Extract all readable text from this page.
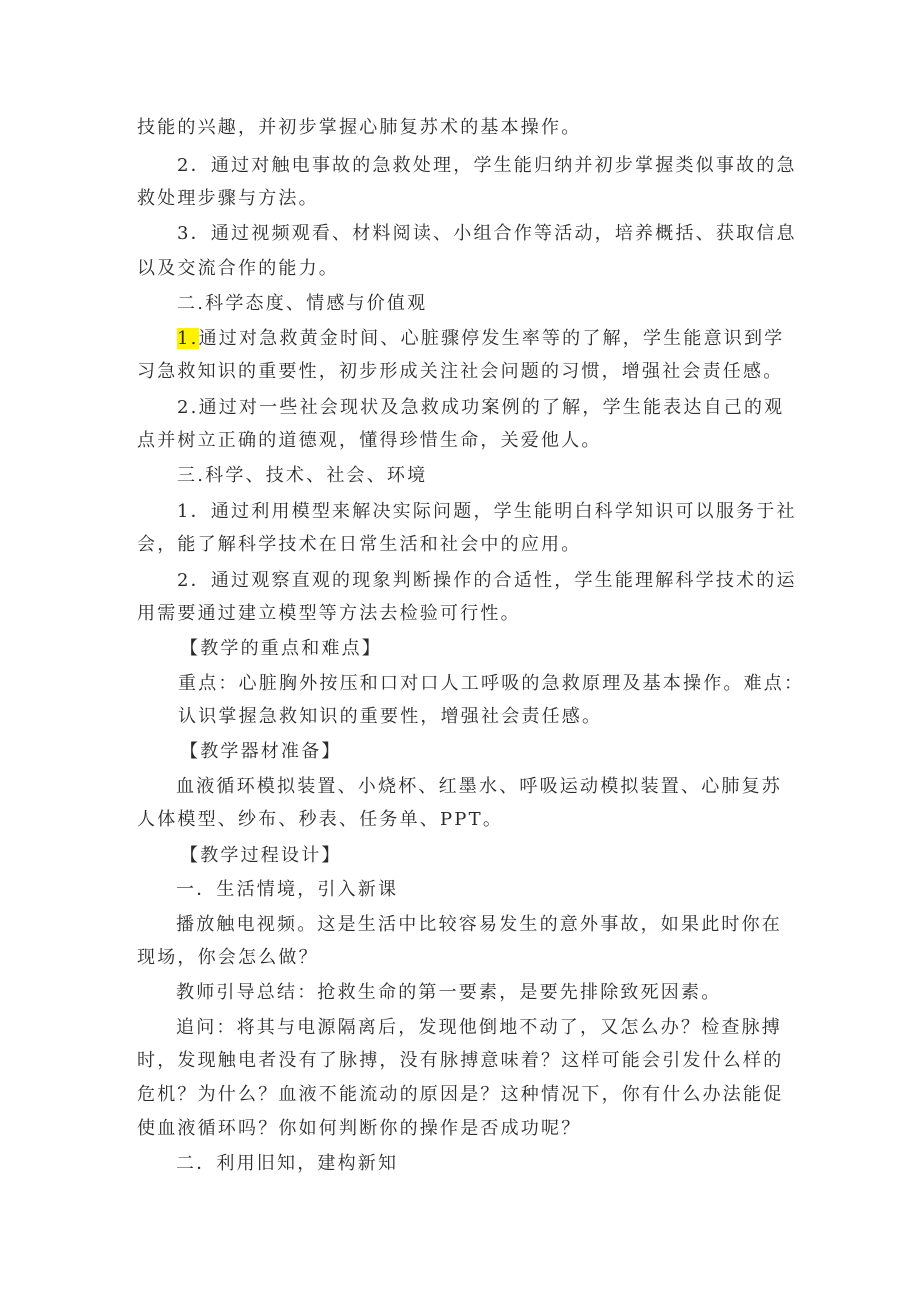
技能的兴趣，并初步掌握心肺复苏术的基本操作。
2．通过对触电事故的急救处理，学生能归纳并初步掌握类似事故的急
救处理步骤与方法。
3．通过视频观看、材料阅读、小组合作等活动，培养概括、获取信息
以及交流合作的能力。
二.科学态度、情感与价值观
1.通过对急救黄金时间、心脏骤停发生率等的了解，学生能意识到学
习急救知识的重要性，初步形成关注社会问题的习惯，增强社会责任感。
2.通过对一些社会现状及急救成功案例的了解，学生能表达自己的观
点并树立正确的道德观，懂得珍惜生命，关爱他人。
三.科学、技术、社会、环境
1．通过利用模型来解决实际问题，学生能明白科学知识可以服务于社
会，能了解科学技术在日常生活和社会中的应用。
2．通过观察直观的现象判断操作的合适性，学生能理解科学技术的运
用需要通过建立模型等方法去检验可行性。
【教学的重点和难点】
重点：心脏胸外按压和口对口人工呼吸的急救原理及基本操作。难点：
认识掌握急救知识的重要性，增强社会责任感。
【教学器材准备】
血液循环模拟装置、小烧杯、红墨水、呼吸运动模拟装置、心肺复苏
人体模型、纱布、秒表、任务单、PPT。
【教学过程设计】
一．生活情境，引入新课
播放触电视频。这是生活中比较容易发生的意外事故，如果此时你在
现场，你会怎么做？
教师引导总结：抢救生命的第一要素，是要先排除致死因素。
追问：将其与电源隔离后，发现他倒地不动了，又怎么办？检查脉搏
时，发现触电者没有了脉搏，没有脉搏意味着？这样可能会引发什么样的
危机？为什么？血液不能流动的原因是？这种情况下，你有什么办法能促
使血液循环吗？你如何判断你的操作是否成功呢？
二．利用旧知，建构新知
